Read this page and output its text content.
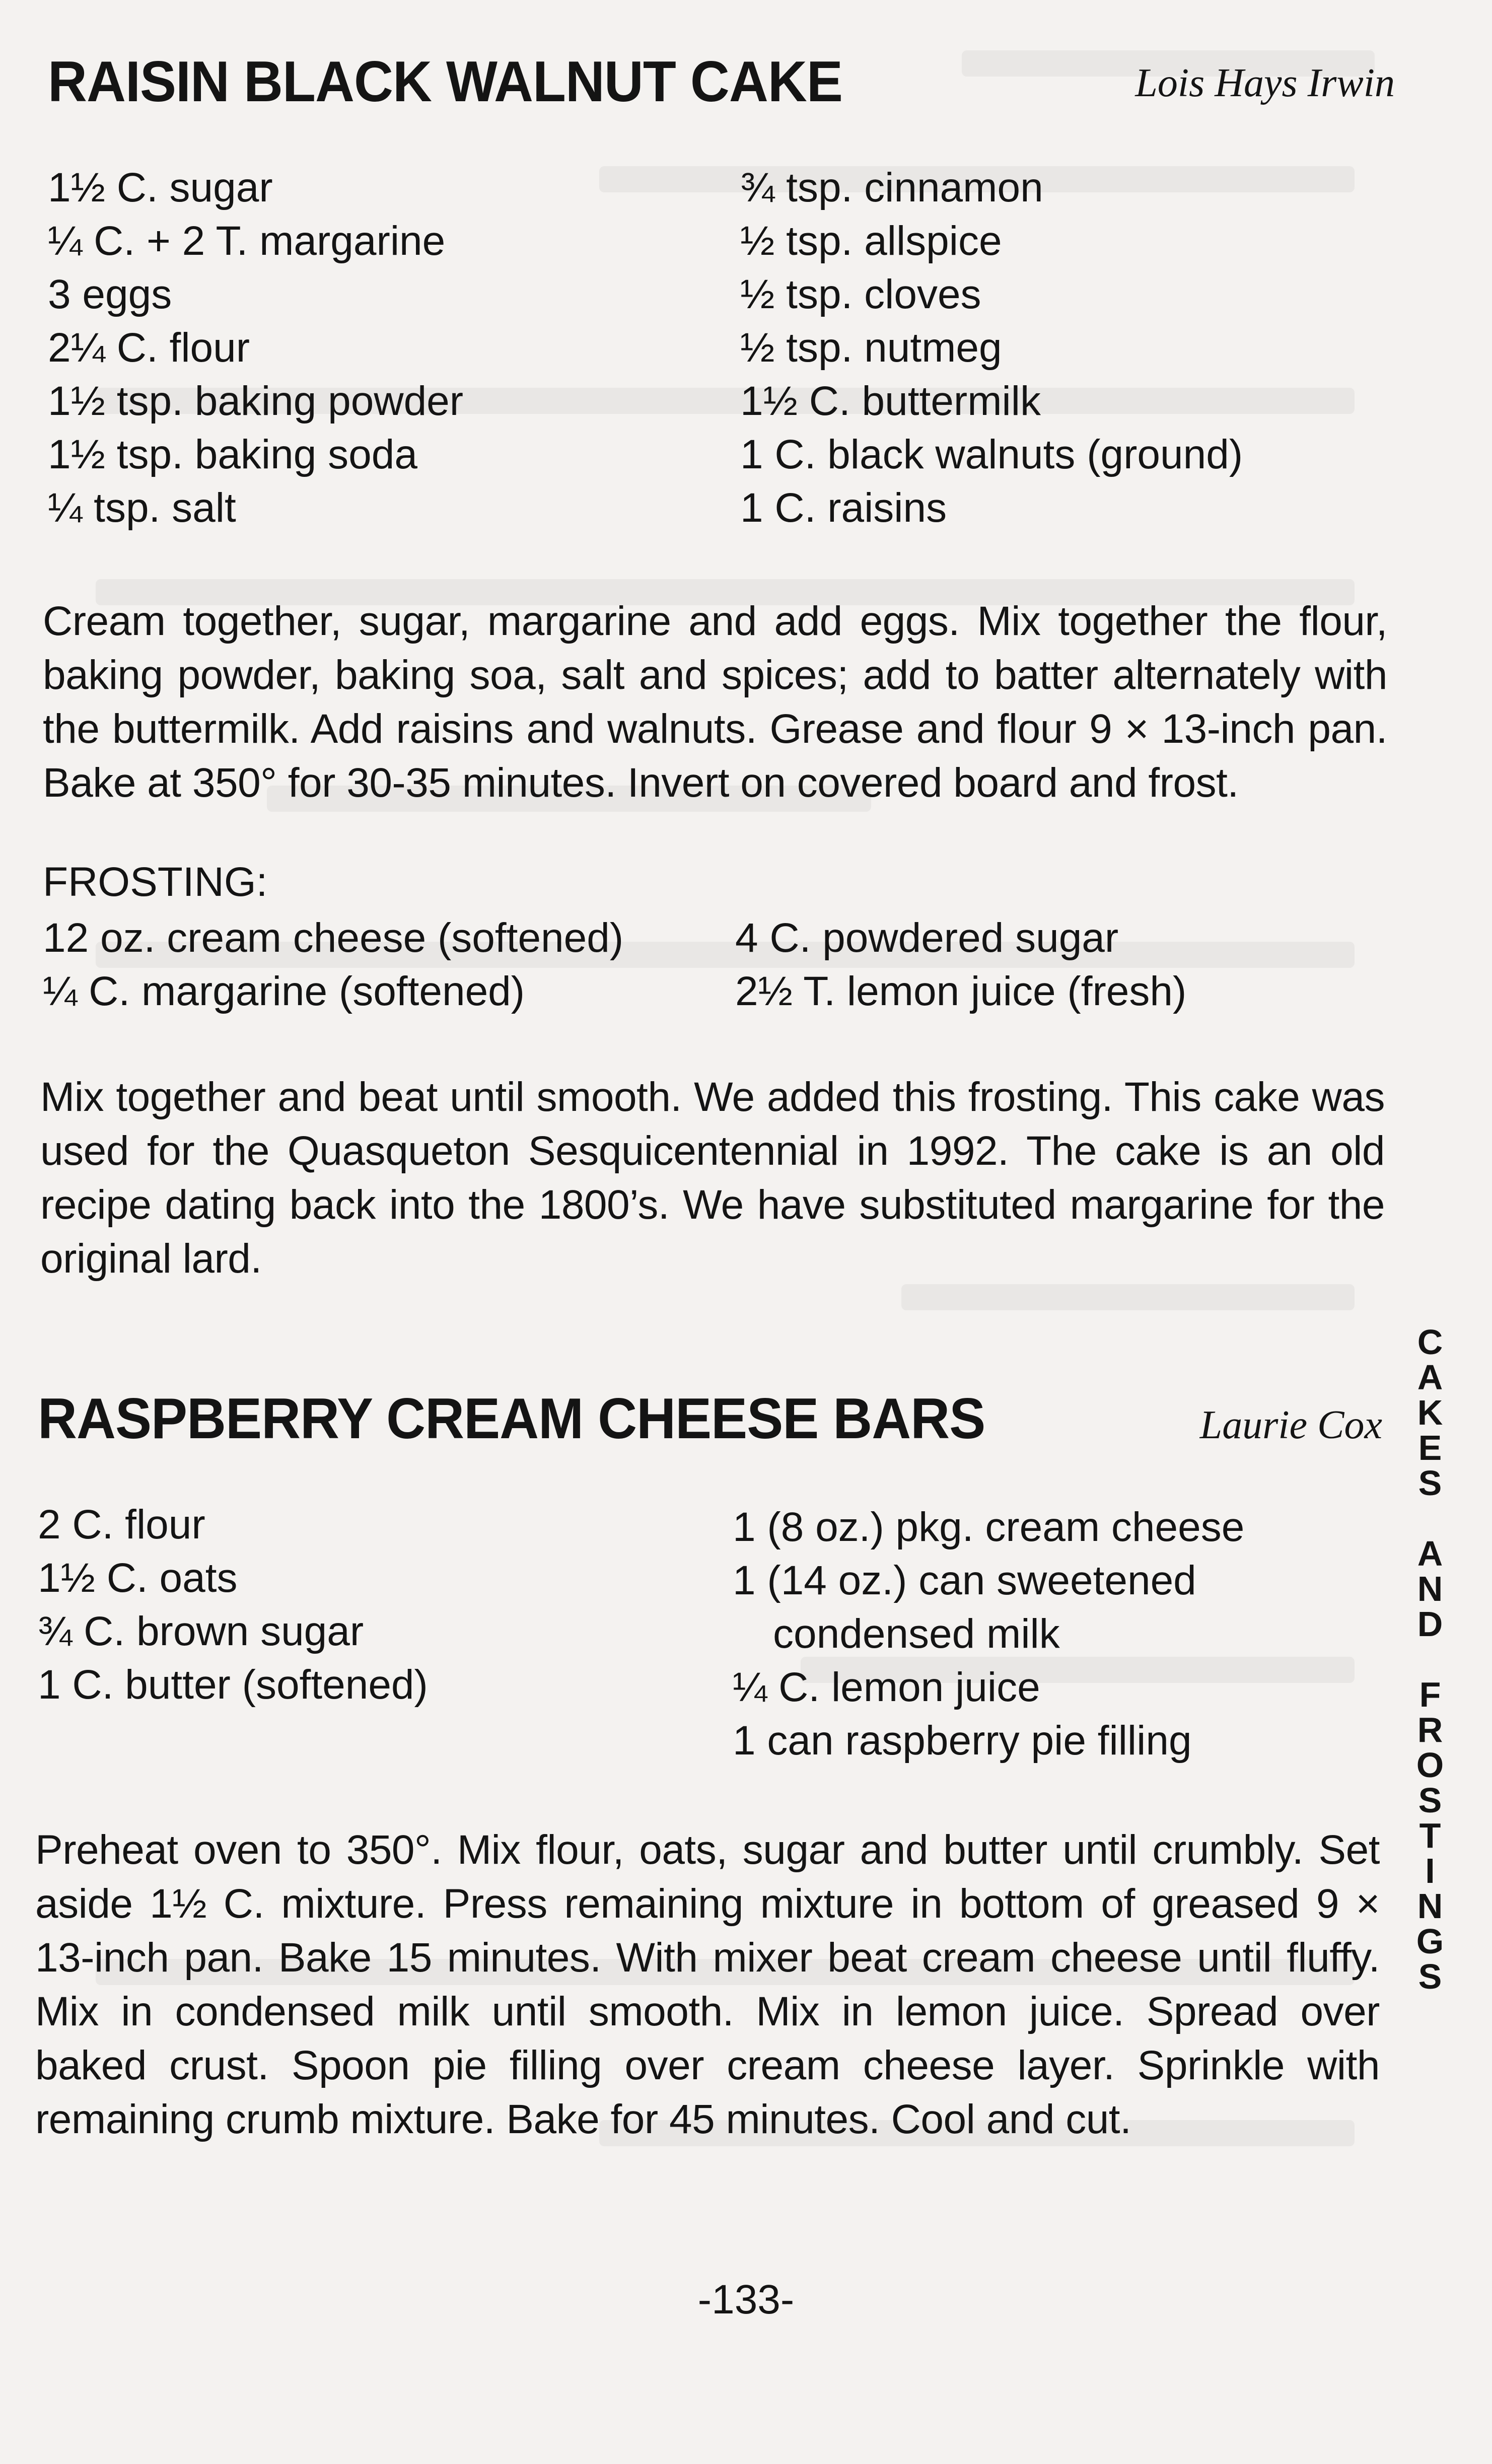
RAISIN BLACK WALNUT CAKE	Lois Hays Irwin
1½ C. sugar
¼ C. + 2 T. margarine
3 eggs
2¼ C. flour
1½ tsp. baking powder
1½ tsp. baking soda
¼ tsp. salt
¾ tsp. cinnamon
½ tsp. allspice
½ tsp. cloves
½ tsp. nutmeg
1½ C. buttermilk
1 C. black walnuts (ground)
1 C. raisins

Cream together, sugar, margarine and add eggs. Mix together the flour, baking powder, baking soa, salt and spices; add to batter alternately with the buttermilk. Add raisins and walnuts. Grease and flour 9 × 13-inch pan. Bake at 350° for 30-35 minutes. Invert on covered board and frost.

FROSTING:

12 oz. cream cheese (softened)
¼ C. margarine (softened)
4 C. powdered sugar
2½ T. lemon juice (fresh)

Mix together and beat until smooth. We added this frosting. This cake was used for the Quasqueton Sesquicentennial in 1992. The cake is an old recipe dating back into the 1800’s. We have substituted margarine for the original lard.

RASPBERRY CREAM CHEESE BARS	Laurie Cox
2 C. flour
1½ C. oats
¾ C. brown sugar
1 C. butter (softened)
1 (8 oz.) pkg. cream cheese
1 (14 oz.) can sweetened
condensed milk
¼ C. lemon juice
1 can raspberry pie filling

Preheat oven to 350°. Mix flour, oats, sugar and butter until crumbly. Set aside 1½ C. mixture. Press remaining mixture in bottom of greased 9 × 13-inch pan. Bake 15 minutes. With mixer beat cream cheese until fluffy. Mix in condensed milk until smooth. Mix in lemon juice. Spread over baked crust. Spoon pie filling over cream cheese layer. Sprinkle with remaining crumb mixture. Bake for 45 minutes. Cool and cut.

C
A
K
E
S
A
N
D
F
R
O
S
T
I
N
G
S
-133-
